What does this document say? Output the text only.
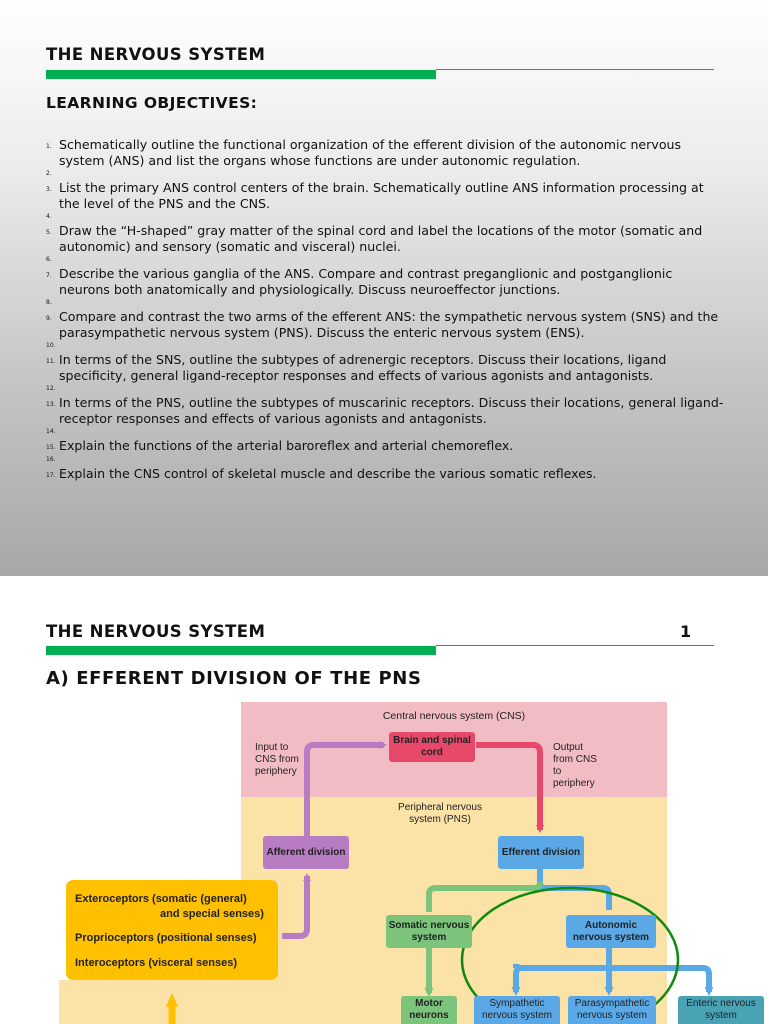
THE NERVOUS SYSTEM
LEARNING OBJECTIVES:
1. Schematically outline the functional organization of the efferent division of the autonomic nervous system (ANS) and list the organs whose functions are under autonomic regulation.
2.
3. List the primary ANS control centers of the brain. Schematically outline ANS information processing at the level of the PNS and the CNS.
4.
5. Draw the “H-shaped” gray matter of the spinal cord and label the locations of the motor (somatic and autonomic) and sensory (somatic and visceral) nuclei.
6.
7. Describe the various ganglia of the ANS. Compare and contrast preganglionic and postganglionic neurons both anatomically and physiologically. Discuss neuroeffector junctions.
8.
9. Compare and contrast the two arms of the efferent ANS: the sympathetic nervous system (SNS) and the parasympathetic nervous system (PNS). Discuss the enteric nervous system (ENS).
10.
11. In terms of the SNS, outline the subtypes of adrenergic receptors. Discuss their locations, ligand specificity, general ligand-receptor responses and effects of various agonists and antagonists.
12.
13. In terms of the PNS, outline the subtypes of muscarinic receptors. Discuss their locations, general ligand-receptor responses and effects of various agonists and antagonists.
14.
15. Explain the functions of the arterial baroreflex and arterial chemoreflex.
16.
17. Explain the CNS control of skeletal muscle and describe the various somatic reflexes.
THE NERVOUS SYSTEM	1
A) EFFERENT DIVISION OF THE PNS
Central nervous system (CNS)
Brain and spinal cord
Input to CNS from periphery
Output from CNS to periphery
Peripheral nervous system (PNS)
Afferent division	Efferent division
Exteroceptors (somatic (general)
and special senses)
Proprioceptors (positional senses)
Interoceptors (visceral senses)
Somatic nervous system
Autonomic nervous system
Motor neurons
Sympathetic nervous system
Parasympathetic nervous system
Enteric nervous system
